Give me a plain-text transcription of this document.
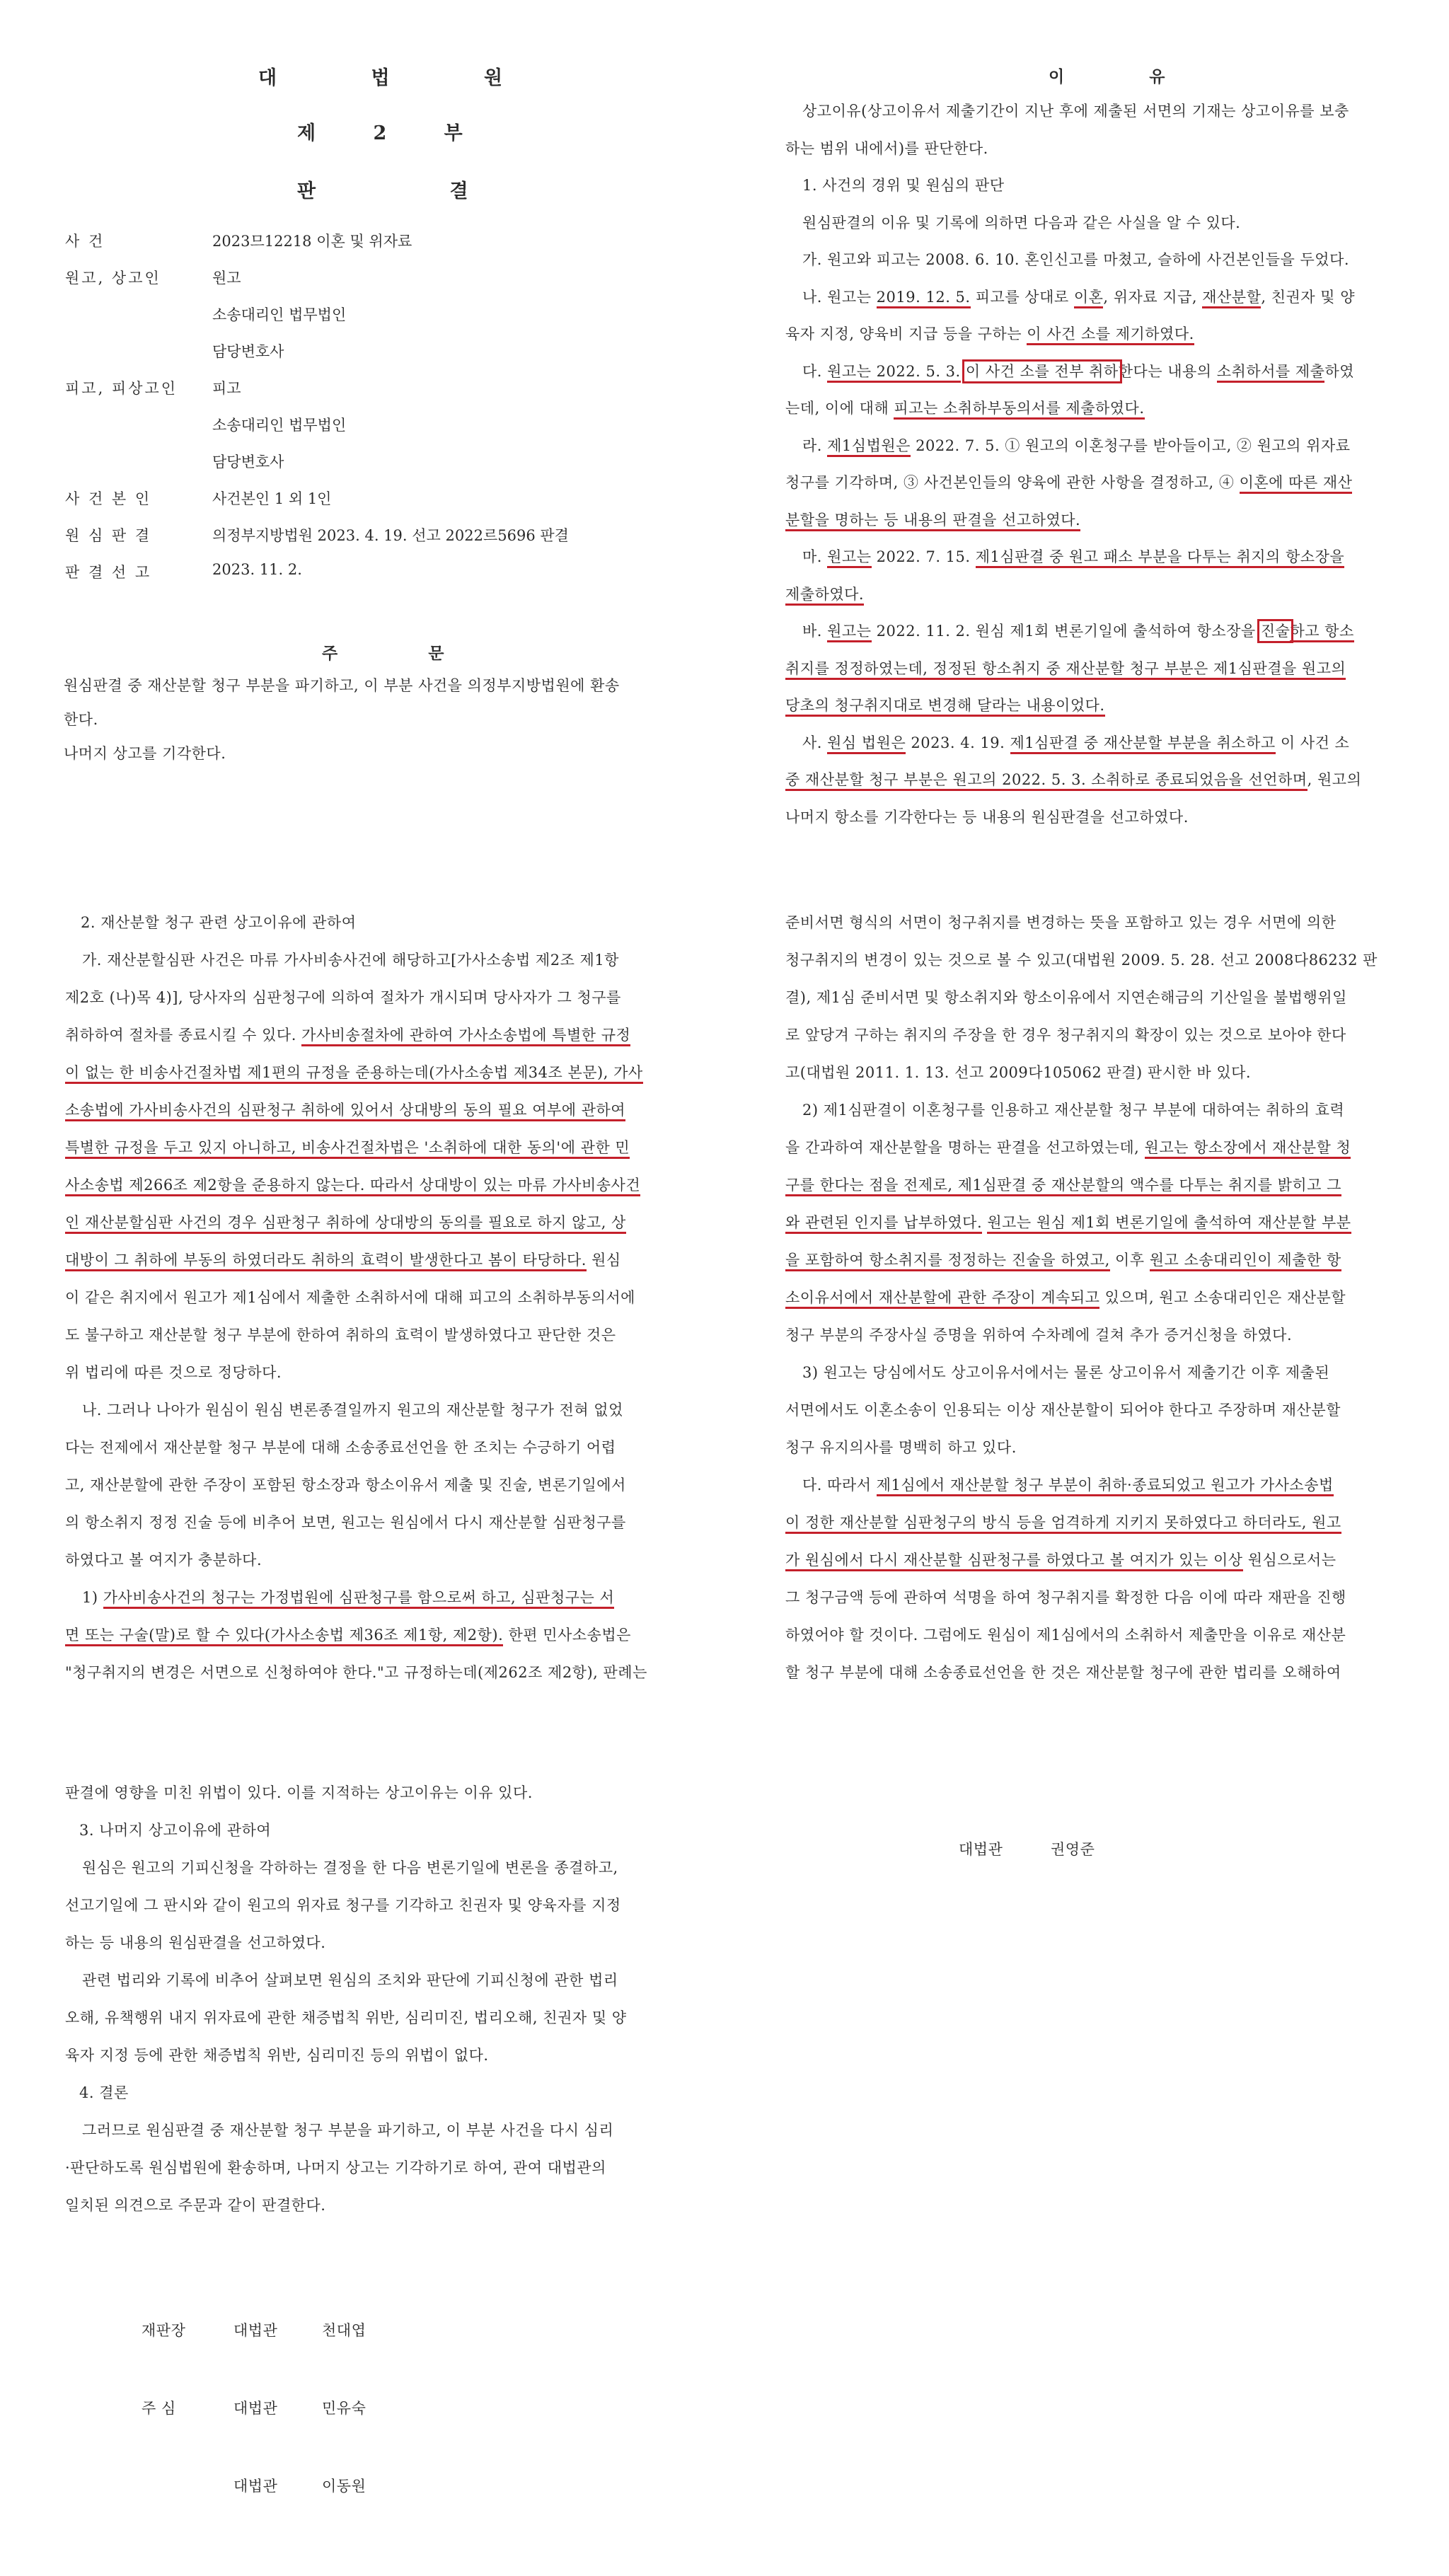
대 법 원
제 2 부
판 결
사 건	2023므12218 이혼 및 위자료
원고, 상고인	원고
소송대리인 법무법인
담당변호사
피고, 피상고인 피고
소송대리인 법무법인
담당변호사
사 건 본 인	사건본인 1 외 1인
원 심 판 결	의정부지방법원 2023. 4. 19. 선고 2022르5696 판결
판 결 선 고	2023. 11. 2.
주 문
원심판결 중 재산분할 청구 부분을 파기하고, 이 부분 사건을 의정부지방법원에 환송
한다.
나머지 상고를 기각한다.
이 유
상고이유(상고이유서 제출기간이 지난 후에 제출된 서면의 기재는 상고이유를 보충
하는 범위 내에서)를 판단한다.
1. 사건의 경위 및 원심의 판단
원심판결의 이유 및 기록에 의하면 다음과 같은 사실을 알 수 있다.
가. 원고와 피고는 2008. 6. 10. 혼인신고를 마쳤고, 슬하에 사건본인들을 두었다.
나. 원고는 2019. 12. 5. 피고를 상대로 이혼, 위자료 지급, 재산분할, 친권자 및 양
육자 지정, 양육비 지급 등을 구하는 이 사건 소를 제기하였다.
다. 원고는 2022. 5. 3. 이 사건 소를 전부 취하한다는 내용의 소취하서를 제출하였
는데, 이에 대해 피고는 소취하부동의서를 제출하였다.
라. 제1심법원은 2022. 7. 5. ① 원고의 이혼청구를 받아들이고, ② 원고의 위자료
청구를 기각하며, ③ 사건본인들의 양육에 관한 사항을 결정하고, ④ 이혼에 따른 재산
분할을 명하는 등 내용의 판결을 선고하였다.
마. 원고는 2022. 7. 15. 제1심판결 중 원고 패소 부분을 다투는 취지의 항소장을
제출하였다.
바. 원고는 2022. 11. 2. 원심 제1회 변론기일에 출석하여 항소장을 진술하고 항소
취지를 정정하였는데, 정정된 항소취지 중 재산분할 청구 부분은 제1심판결을 원고의
당초의 청구취지대로 변경해 달라는 내용이었다.
사. 원심 법원은 2023. 4. 19. 제1심판결 중 재산분할 부분을 취소하고 이 사건 소
중 재산분할 청구 부분은 원고의 2022. 5. 3. 소취하로 종료되었음을 선언하며, 원고의
나머지 항소를 기각한다는 등 내용의 원심판결을 선고하였다.
2. 재산분할 청구 관련 상고이유에 관하여
가. 재산분할심판 사건은 마류 가사비송사건에 해당하고[가사소송법 제2조 제1항
제2호 (나)목 4)], 당사자의 심판청구에 의하여 절차가 개시되며 당사자가 그 청구를
취하하여 절차를 종료시킬 수 있다. 가사비송절차에 관하여 가사소송법에 특별한 규정
이 없는 한 비송사건절차법 제1편의 규정을 준용하는데(가사소송법 제34조 본문), 가사
소송법에 가사비송사건의 심판청구 취하에 있어서 상대방의 동의 필요 여부에 관하여
특별한 규정을 두고 있지 아니하고, 비송사건절차법은 '소취하에 대한 동의'에 관한 민
사소송법 제266조 제2항을 준용하지 않는다. 따라서 상대방이 있는 마류 가사비송사건
인 재산분할심판 사건의 경우 심판청구 취하에 상대방의 동의를 필요로 하지 않고, 상
대방이 그 취하에 부동의 하였더라도 취하의 효력이 발생한다고 봄이 타당하다. 원심
이 같은 취지에서 원고가 제1심에서 제출한 소취하서에 대해 피고의 소취하부동의서에
도 불구하고 재산분할 청구 부분에 한하여 취하의 효력이 발생하였다고 판단한 것은
위 법리에 따른 것으로 정당하다.
나. 그러나 나아가 원심이 원심 변론종결일까지 원고의 재산분할 청구가 전혀 없었
다는 전제에서 재산분할 청구 부분에 대해 소송종료선언을 한 조치는 수긍하기 어렵
고, 재산분할에 관한 주장이 포함된 항소장과 항소이유서 제출 및 진술, 변론기일에서
의 항소취지 정정 진술 등에 비추어 보면, 원고는 원심에서 다시 재산분할 심판청구를
하였다고 볼 여지가 충분하다.
1) 가사비송사건의 청구는 가정법원에 심판청구를 함으로써 하고, 심판청구는 서
면 또는 구술(말)로 할 수 있다(가사소송법 제36조 제1항, 제2항). 한편 민사소송법은
"청구취지의 변경은 서면으로 신청하여야 한다."고 규정하는데(제262조 제2항), 판례는
준비서면 형식의 서면이 청구취지를 변경하는 뜻을 포함하고 있는 경우 서면에 의한
청구취지의 변경이 있는 것으로 볼 수 있고(대법원 2009. 5. 28. 선고 2008다86232 판
결), 제1심 준비서면 및 항소취지와 항소이유에서 지연손해금의 기산일을 불법행위일
로 앞당겨 구하는 취지의 주장을 한 경우 청구취지의 확장이 있는 것으로 보아야 한다
고(대법원 2011. 1. 13. 선고 2009다105062 판결) 판시한 바 있다.
2) 제1심판결이 이혼청구를 인용하고 재산분할 청구 부분에 대하여는 취하의 효력
을 간과하여 재산분할을 명하는 판결을 선고하였는데, 원고는 항소장에서 재산분할 청
구를 한다는 점을 전제로, 제1심판결 중 재산분할의 액수를 다투는 취지를 밝히고 그
와 관련된 인지를 납부하였다. 원고는 원심 제1회 변론기일에 출석하여 재산분할 부분
을 포함하여 항소취지를 정정하는 진술을 하였고, 이후 원고 소송대리인이 제출한 항
소이유서에서 재산분할에 관한 주장이 계속되고 있으며, 원고 소송대리인은 재산분할
청구 부분의 주장사실 증명을 위하여 수차례에 걸쳐 추가 증거신청을 하였다.
3) 원고는 당심에서도 상고이유서에서는 물론 상고이유서 제출기간 이후 제출된
서면에서도 이혼소송이 인용되는 이상 재산분할이 되어야 한다고 주장하며 재산분할
청구 유지의사를 명백히 하고 있다.
다. 따라서 제1심에서 재산분할 청구 부분이 취하·종료되었고 원고가 가사소송법
이 정한 재산분할 심판청구의 방식 등을 엄격하게 지키지 못하였다고 하더라도, 원고
가 원심에서 다시 재산분할 심판청구를 하였다고 볼 여지가 있는 이상 원심으로서는
그 청구금액 등에 관하여 석명을 하여 청구취지를 확정한 다음 이에 따라 재판을 진행
하였어야 할 것이다. 그럼에도 원심이 제1심에서의 소취하서 제출만을 이유로 재산분
할 청구 부분에 대해 소송종료선언을 한 것은 재산분할 청구에 관한 법리를 오해하여
판결에 영향을 미친 위법이 있다. 이를 지적하는 상고이유는 이유 있다.
3. 나머지 상고이유에 관하여
원심은 원고의 기피신청을 각하하는 결정을 한 다음 변론기일에 변론을 종결하고,
선고기일에 그 판시와 같이 원고의 위자료 청구를 기각하고 친권자 및 양육자를 지정
하는 등 내용의 원심판결을 선고하였다.
관련 법리와 기록에 비추어 살펴보면 원심의 조치와 판단에 기피신청에 관한 법리
오해, 유책행위 내지 위자료에 관한 채증법칙 위반, 심리미진, 법리오해, 친권자 및 양
육자 지정 등에 관한 채증법칙 위반, 심리미진 등의 위법이 없다.
4. 결론
그러므로 원심판결 중 재산분할 청구 부분을 파기하고, 이 부분 사건을 다시 심리
·판단하도록 원심법원에 환송하며, 나머지 상고는 기각하기로 하여, 관여 대법관의
일치된 의견으로 주문과 같이 판결한다.
대법관	권영준
재판장	대법관	천대엽
주 심	대법관	민유숙
대법관	이동원
